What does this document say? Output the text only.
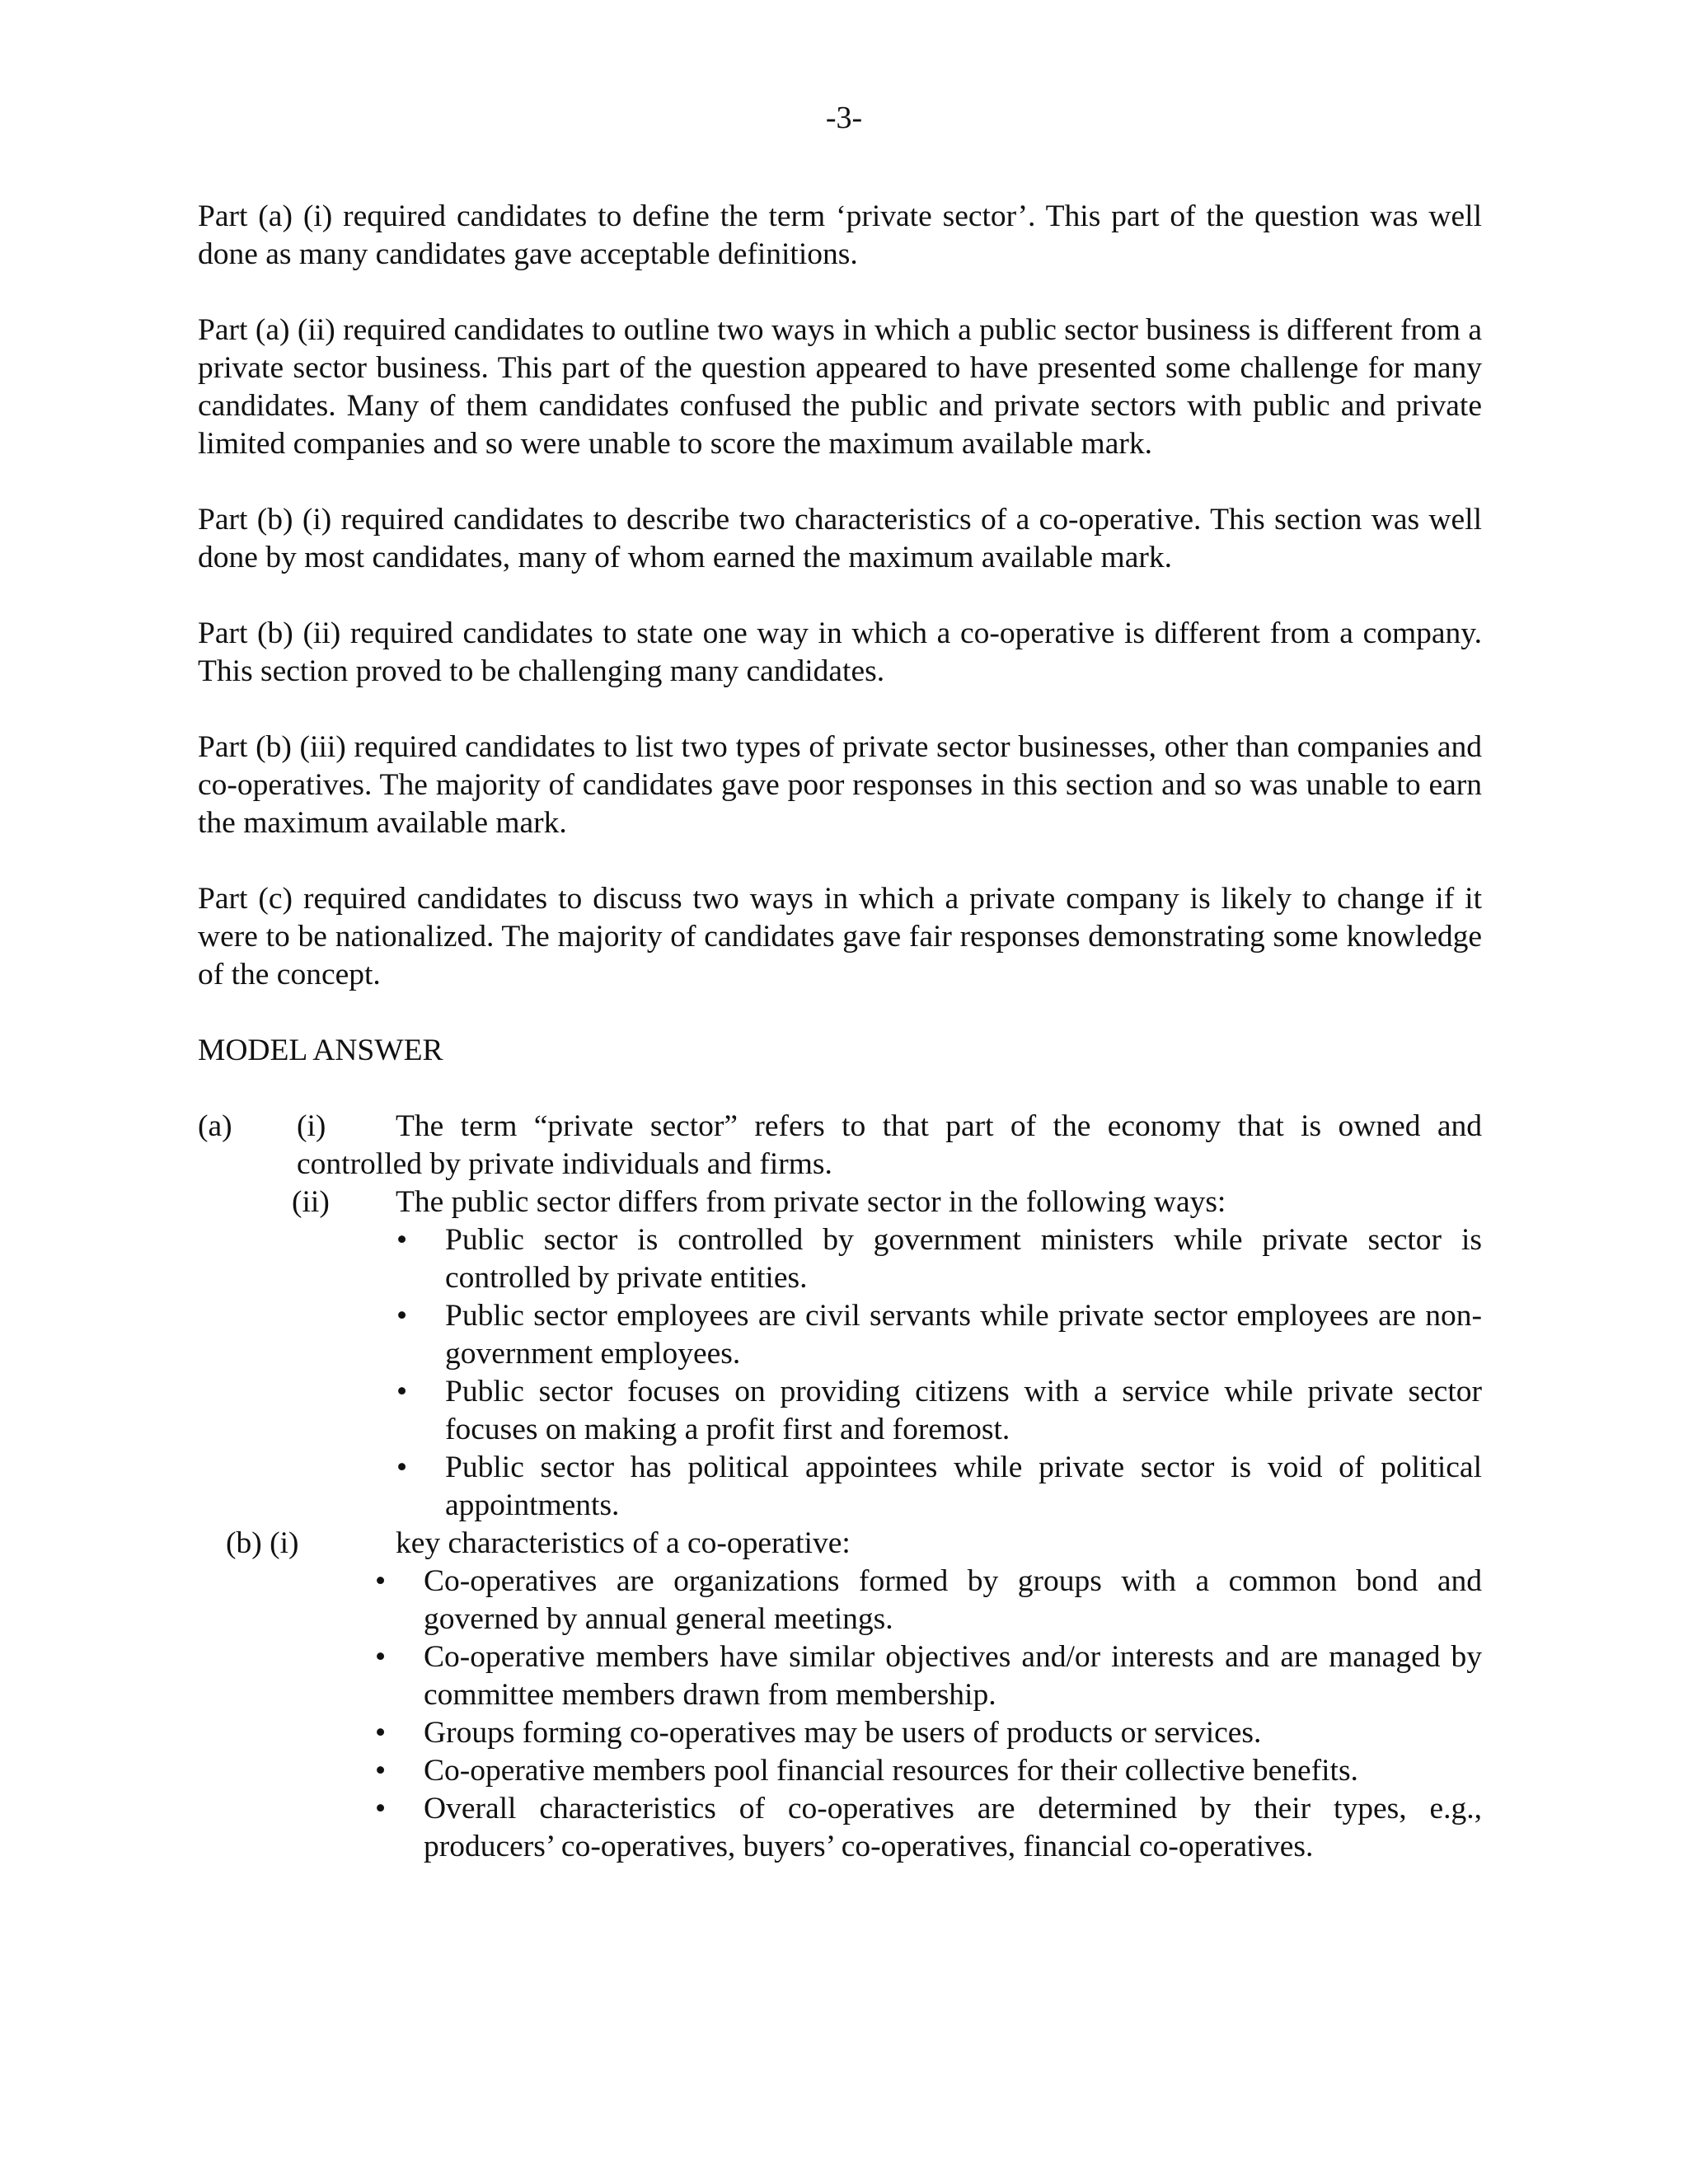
-3-

Part (a) (i) required candidates to define the term ‘private sector’. This part of the question was well done as many candidates gave acceptable definitions.

Part (a) (ii) required candidates to outline two ways in which a public sector business is different from a private sector business. This part of the question appeared to have presented some challenge for many candidates. Many of them candidates confused the public and private sectors with public and private limited companies and so were unable to score the maximum available mark.

Part (b) (i) required candidates to describe two characteristics of a co-operative. This section was well done by most candidates, many of whom earned the maximum available mark.

Part (b) (ii) required candidates to state one way in which a co-operative is different from a company. This section proved to be challenging many candidates.

Part (b) (iii) required candidates to list two types of private sector businesses, other than companies and co-operatives. The majority of candidates gave poor responses in this section and so was unable to earn the maximum available mark.

Part (c) required candidates to discuss two ways in which a private company is likely to change if it were to be nationalized. The majority of candidates gave fair responses demonstrating some knowledge of the concept.

MODEL ANSWER

(a) (i) The term “private sector” refers to that part of the economy that is owned and controlled by private individuals and firms.
(ii) The public sector differs from private sector in the following ways:
• Public sector is controlled by government ministers while private sector is controlled by private entities.
• Public sector employees are civil servants while private sector employees are non-government employees.
• Public sector focuses on providing citizens with a service while private sector focuses on making a profit first and foremost.
• Public sector has political appointees while private sector is void of political appointments.
(b) (i)	key characteristics of a co-operative:
• Co-operatives are organizations formed by groups with a common bond and governed by annual general meetings.
• Co-operative members have similar objectives and/or interests and are managed by committee members drawn from membership.
• Groups forming co-operatives may be users of products or services.
• Co-operative members pool financial resources for their collective benefits.
• Overall characteristics of co-operatives are determined by their types, e.g., producers’ co-operatives, buyers’ co-operatives, financial co-operatives.
